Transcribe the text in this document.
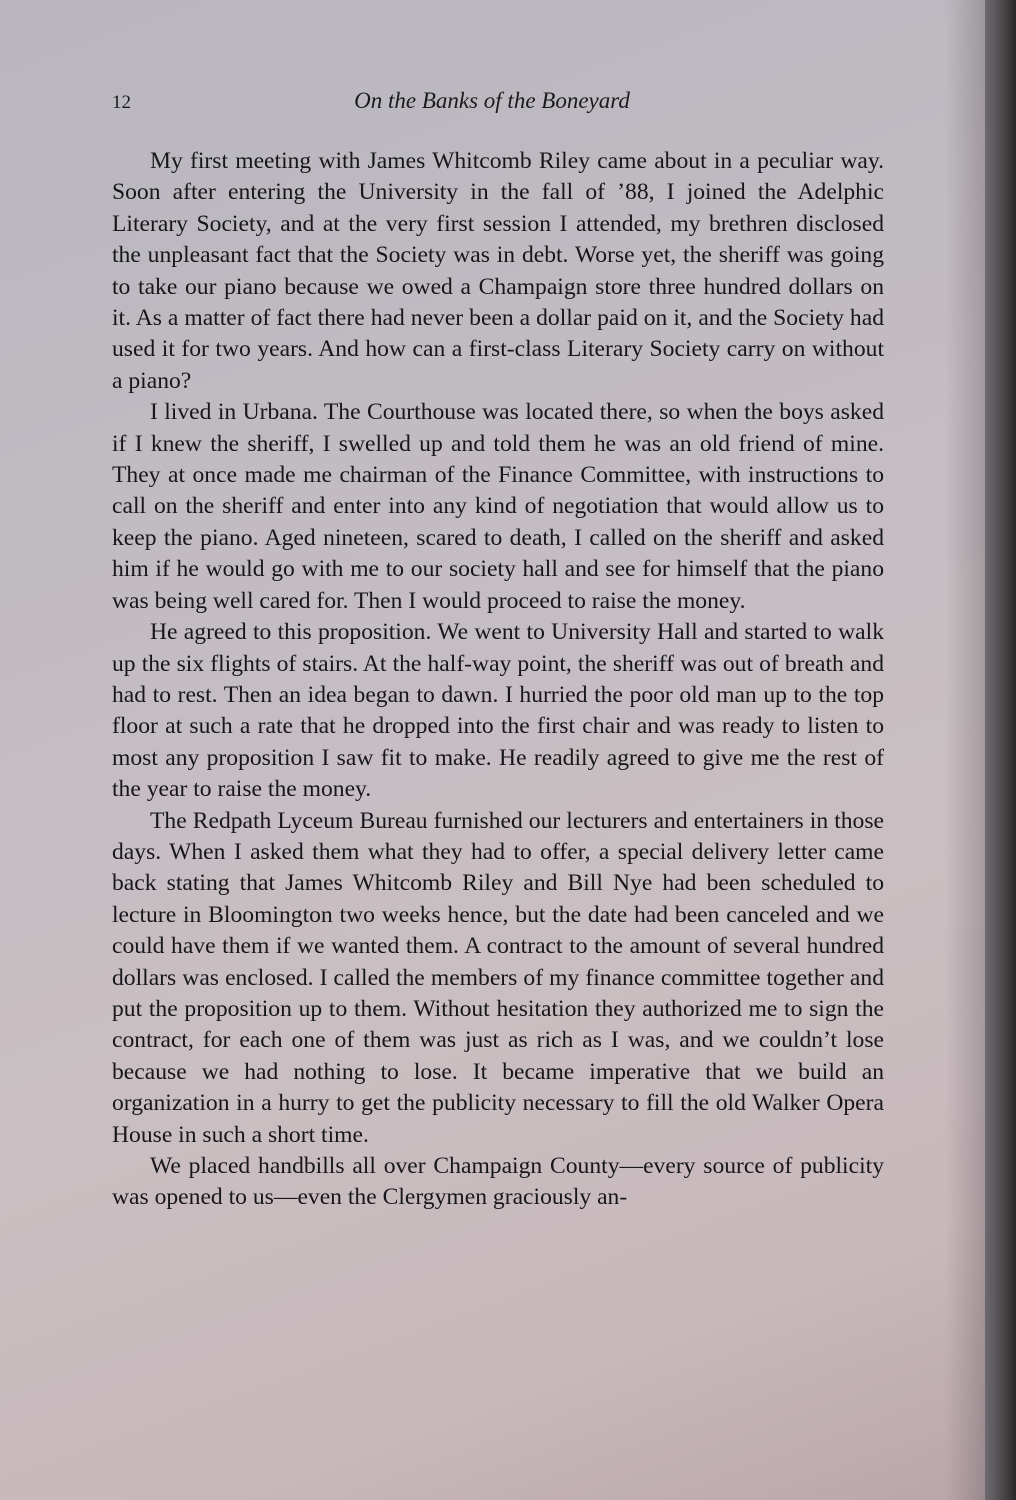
12	On the Banks of the Boneyard

My first meeting with James Whitcomb Riley came about in a peculiar way. Soon after entering the University in the fall of ’88, I joined the Adelphic Literary Society, and at the very first session I attended, my brethren disclosed the unpleasant fact that the Society was in debt. Worse yet, the sheriff was going to take our piano because we owed a Champaign store three hundred dollars on it. As a matter of fact there had never been a dollar paid on it, and the Society had used it for two years. And how can a first-class Literary Society carry on without a piano?

I lived in Urbana. The Courthouse was located there, so when the boys asked if I knew the sheriff, I swelled up and told them he was an old friend of mine. They at once made me chairman of the Finance Committee, with instructions to call on the sheriff and enter into any kind of negotiation that would allow us to keep the piano. Aged nineteen, scared to death, I called on the sheriff and asked him if he would go with me to our society hall and see for himself that the piano was being well cared for. Then I would proceed to raise the money.

He agreed to this proposition. We went to University Hall and started to walk up the six flights of stairs. At the half-way point, the sheriff was out of breath and had to rest. Then an idea began to dawn. I hurried the poor old man up to the top floor at such a rate that he dropped into the first chair and was ready to listen to most any proposition I saw fit to make. He readily agreed to give me the rest of the year to raise the money.

The Redpath Lyceum Bureau furnished our lecturers and entertainers in those days. When I asked them what they had to offer, a special delivery letter came back stating that James Whitcomb Riley and Bill Nye had been scheduled to lecture in Bloomington two weeks hence, but the date had been canceled and we could have them if we wanted them. A contract to the amount of several hundred dollars was enclosed. I called the members of my finance committee together and put the proposition up to them. Without hesitation they authorized me to sign the contract, for each one of them was just as rich as I was, and we couldn’t lose because we had nothing to lose. It became imperative that we build an organization in a hurry to get the publicity necessary to fill the old Walker Opera House in such a short time.

We placed handbills all over Champaign County—every source of publicity was opened to us—even the Clergymen graciously an-
